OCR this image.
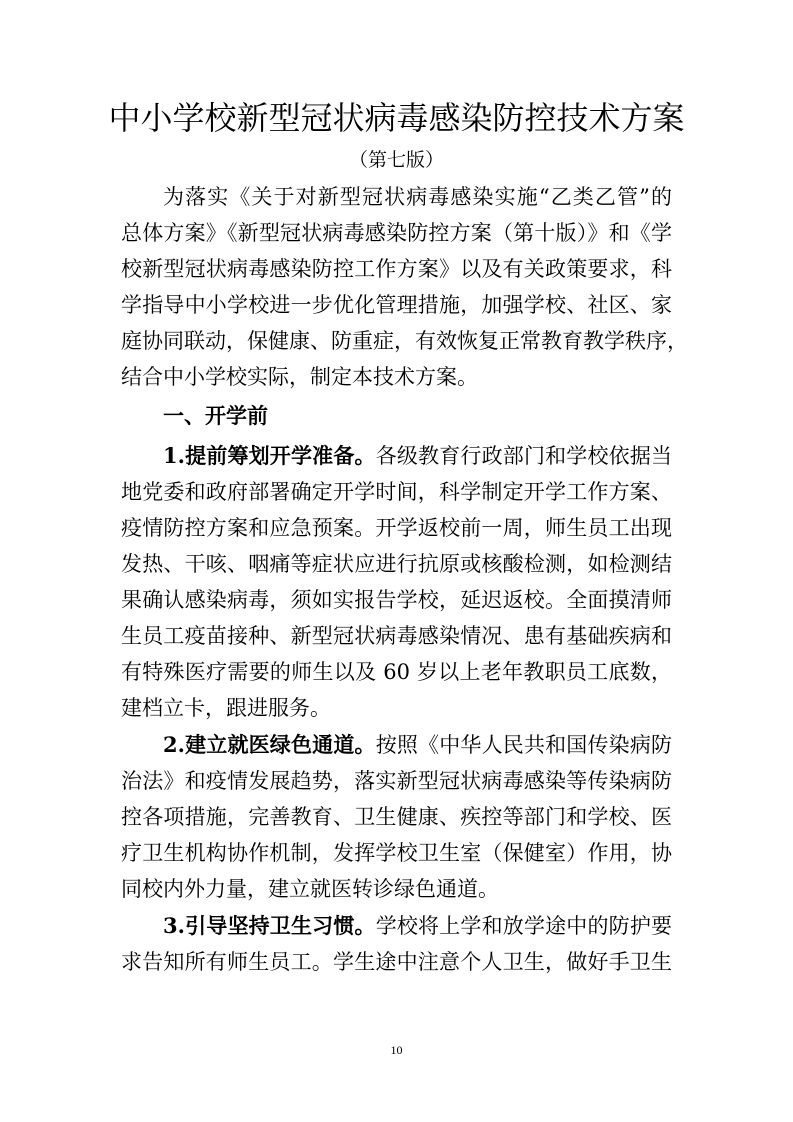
中小学校新型冠状病毒感染防控技术方案
（第七版）
为落实《关于对新型冠状病毒感染实施“乙类乙管”的
总体方案》《新型冠状病毒感染防控方案（第十版）》和《学
校新型冠状病毒感染防控工作方案》以及有关政策要求，科
学指导中小学校进一步优化管理措施，加强学校、社区、家
庭协同联动，保健康、防重症，有效恢复正常教育教学秩序，
结合中小学校实际，制定本技术方案。
一、开学前
1.提前筹划开学准备。各级教育行政部门和学校依据当
地党委和政府部署确定开学时间，科学制定开学工作方案、
疫情防控方案和应急预案。开学返校前一周，师生员工出现
发热、干咳、咽痛等症状应进行抗原或核酸检测，如检测结
果确认感染病毒，须如实报告学校，延迟返校。全面摸清师
生员工疫苗接种、新型冠状病毒感染情况、患有基础疾病和
有特殊医疗需要的师生以及 60 岁以上老年教职员工底数，
建档立卡，跟进服务。
2.建立就医绿色通道。按照《中华人民共和国传染病防
治法》和疫情发展趋势，落实新型冠状病毒感染等传染病防
控各项措施，完善教育、卫生健康、疾控等部门和学校、医
疗卫生机构协作机制，发挥学校卫生室（保健室）作用，协
同校内外力量，建立就医转诊绿色通道。
3.引导坚持卫生习惯。学校将上学和放学途中的防护要
求告知所有师生员工。学生途中注意个人卫生，做好手卫生
10
